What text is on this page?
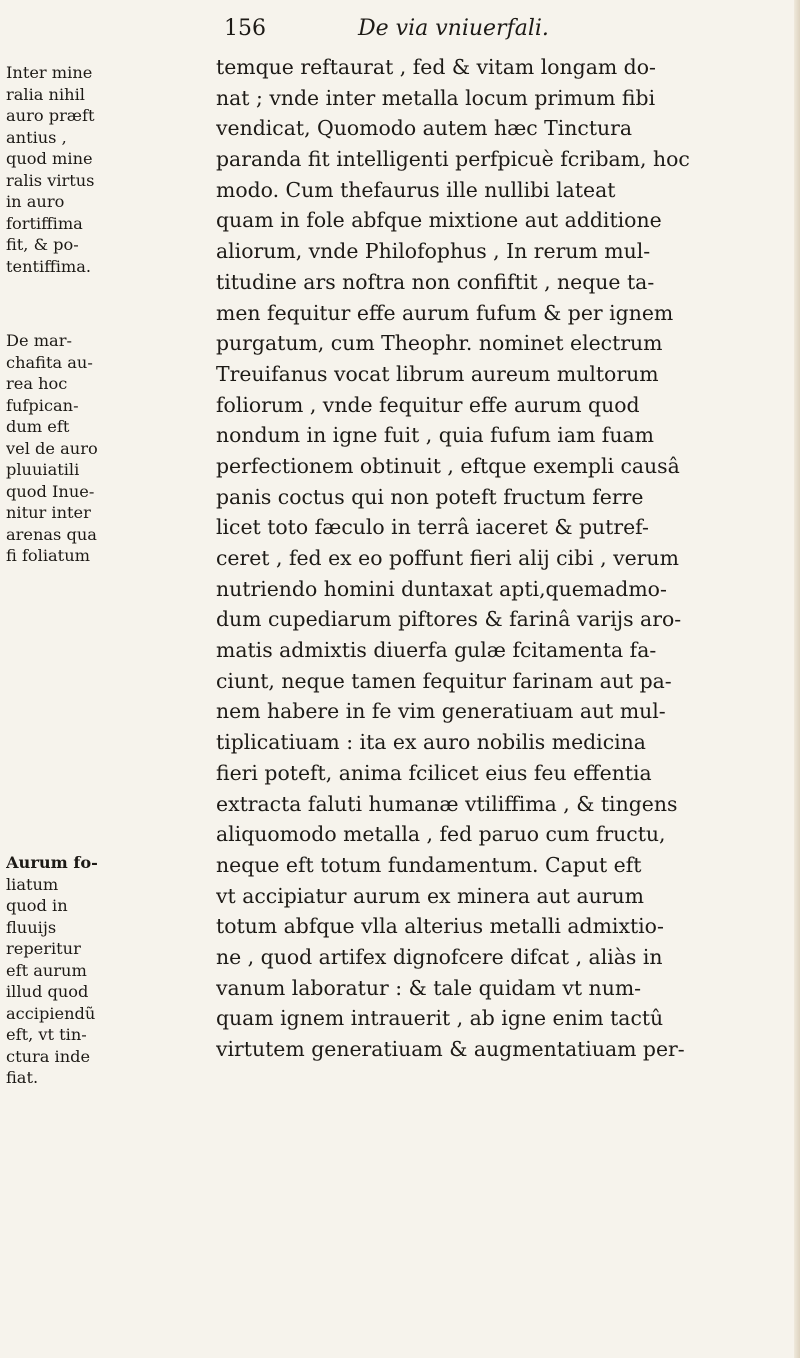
156	De via vniuerfali.
Inter mine
ralia nihil
auro præft
antius ,
quod mine
ralis virtus
in auro
fortiffima
fit, & po-
tentiffima.
De mar-
chafita au-
rea hoc
fufpican-
dum eft
vel de auro
pluuiatili
quod Inue-
nitur inter
arenas qua
fi foliatum
Aurum fo-
liatum
quod in
fluuijs
reperitur
eft aurum
illud quod
accipiendũ
eft, vt tin-
ctura inde
fiat.
temque reftaurat , fed & vitam longam do-
nat ; vnde inter metalla locum primum fibi
vendicat, Quomodo autem hæc Tinctura
paranda fit intelligenti perfpicuè fcribam, hoc
modo. Cum thefaurus ille nullibi lateat
quam in fole abfque mixtione aut additione
aliorum, vnde Philofophus , In rerum mul-
titudine ars noftra non confiftit , neque ta-
men fequitur effe aurum fufum & per ignem
purgatum, cum Theophr. nominet electrum
Treuifanus vocat librum aureum multorum
foliorum , vnde fequitur effe aurum quod
nondum in igne fuit , quia fufum iam fuam
perfectionem obtinuit , eftque exempli causâ
panis coctus qui non poteft fructum ferre
licet toto fæculo in terrâ iaceret & putref-
ceret , fed ex eo poffunt fieri alij cibi , verum
nutriendo homini duntaxat apti,quemadmo-
dum cupediarum piftores & farinâ varijs aro-
matis admixtis diuerfa gulæ fcitamenta fa-
ciunt, neque tamen fequitur farinam aut pa-
nem habere in fe vim generatiuam aut mul-
tiplicatiuam : ita ex auro nobilis medicina
fieri poteft, anima fcilicet eius feu effentia
extracta faluti humanæ vtiliffima , & tingens
aliquomodo metalla , fed paruo cum fructu,
neque eft totum fundamentum. Caput eft
vt accipiatur aurum ex minera aut aurum
totum abfque vlla alterius metalli admixtio-
ne , quod artifex dignofcere difcat , aliàs in
vanum laboratur : & tale quidam vt num-
quam ignem intrauerit , ab igne enim tactû
virtutem generatiuam & augmentatiuam per-
